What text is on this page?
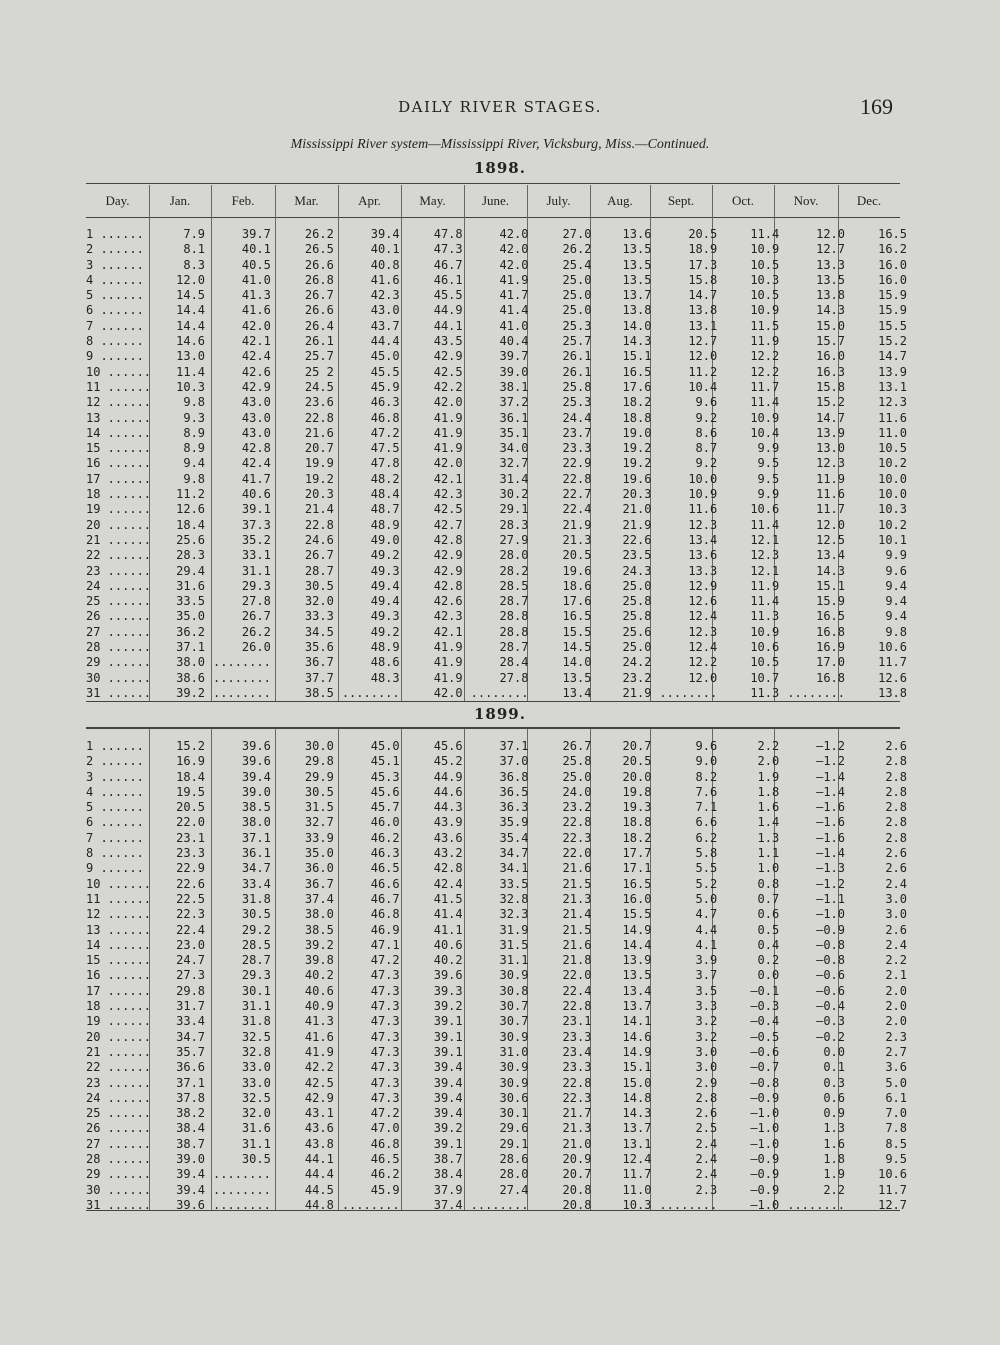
DAILY RIVER STAGES.	169
Mississippi River system—Mississippi River, Vicksburg, Miss.—Continued.
1898.
1899.
Day.	Jan.	Feb.	Mar.	Apr.	May.	June.	July.	Aug.	Sept.	Oct.	Nov.	Dec.
1 ......	7.9	39.7	26.2	39.4	47.8	42.0	27.0	13.6	20.5	11.4	12.0	16.5
2 ......	8.1	40.1	26.5	40.1	47.3	42.0	26.2	13.5	18.9	10.9	12.7	16.2
3 ......	8.3	40.5	26.6	40.8	46.7	42.0	25.4	13.5	17.3	10.5	13.3	16.0
4 ......	12.0	41.0	26.8	41.6	46.1	41.9	25.0	13.5	15.8	10.3	13.5	16.0
5 ......	14.5	41.3	26.7	42.3	45.5	41.7	25.0	13.7	14.7	10.5	13.8	15.9
6 ......	14.4	41.6	26.6	43.0	44.9	41.4	25.0	13.8	13.8	10.9	14.3	15.9
7 ......	14.4	42.0	26.4	43.7	44.1	41.0	25.3	14.0	13.1	11.5	15.0	15.5
8 ......	14.6	42.1	26.1	44.4	43.5	40.4	25.7	14.3	12.7	11.9	15.7	15.2
9 ......	13.0	42.4	25.7	45.0	42.9	39.7	26.1	15.1	12.0	12.2	16.0	14.7
10 ......	11.4	42.6	25 2	45.5	42.5	39.0	26.1	16.5	11.2	12.2	16.3	13.9
11 ......	10.3	42.9	24.5	45.9	42.2	38.1	25.8	17.6	10.4	11.7	15.8	13.1
12 ......	9.8	43.0	23.6	46.3	42.0	37.2	25.3	18.2	9.6	11.4	15.2	12.3
13 ......	9.3	43.0	22.8	46.8	41.9	36.1	24.4	18.8	9.2	10.9	14.7	11.6
14 ......	8.9	43.0	21.6	47.2	41.9	35.1	23.7	19.0	8.6	10.4	13.9	11.0
15 ......	8.9	42.8	20.7	47.5	41.9	34.0	23.3	19.2	8.7	9.9	13.0	10.5
16 ......	9.4	42.4	19.9	47.8	42.0	32.7	22.9	19.2	9.2	9.5	12.3	10.2
17 ......	9.8	41.7	19.2	48.2	42.1	31.4	22.8	19.6	10.0	9.5	11.9	10.0
18 ......	11.2	40.6	20.3	48.4	42.3	30.2	22.7	20.3	10.9	9.9	11.6	10.0
19 ......	12.6	39.1	21.4	48.7	42.5	29.1	22.4	21.0	11.6	10.6	11.7	10.3
20 ......	18.4	37.3	22.8	48.9	42.7	28.3	21.9	21.9	12.3	11.4	12.0	10.2
21 ......	25.6	35.2	24.6	49.0	42.8	27.9	21.3	22.6	13.4	12.1	12.5	10.1
22 ......	28.3	33.1	26.7	49.2	42.9	28.0	20.5	23.5	13.6	12.3	13.4	9.9
23 ......	29.4	31.1	28.7	49.3	42.9	28.2	19.6	24.3	13.3	12.1	14.3	9.6
24 ......	31.6	29.3	30.5	49.4	42.8	28.5	18.6	25.0	12.9	11.9	15.1	9.4
25 ......	33.5	27.8	32.0	49.4	42.6	28.7	17.6	25.8	12.6	11.4	15.9	9.4
26 ......	35.0	26.7	33.3	49.3	42.3	28.8	16.5	25.8	12.4	11.3	16.5	9.4
27 ......	36.2	26.2	34.5	49.2	42.1	28.8	15.5	25.6	12.3	10.9	16.8	9.8
28 ......	37.1	26.0	35.6	48.9	41.9	28.7	14.5	25.0	12.4	10.6	16.9	10.6
29 ......	38.0	........	36.7	48.6	41.9	28.4	14.0	24.2	12.2	10.5	17.0	11.7
30 ......	38.6	........	37.7	48.3	41.9	27.8	13.5	23.2	12.0	10.7	16.8	12.6
31 ......	39.2	........	38.5	........	42.0	........	13.4	21.9	........	11.3	........	13.8
1 ......	15.2	39.6	30.0	45.0	45.6	37.1	26.7	20.7	9.6	2.2	—1.2	2.6
2 ......	16.9	39.6	29.8	45.1	45.2	37.0	25.8	20.5	9.0	2.0	—1.2	2.8
3 ......	18.4	39.4	29.9	45.3	44.9	36.8	25.0	20.0	8.2	1.9	—1.4	2.8
4 ......	19.5	39.0	30.5	45.6	44.6	36.5	24.0	19.8	7.6	1.8	—1.4	2.8
5 ......	20.5	38.5	31.5	45.7	44.3	36.3	23.2	19.3	7.1	1.6	—1.6	2.8
6 ......	22.0	38.0	32.7	46.0	43.9	35.9	22.8	18.8	6.6	1.4	—1.6	2.8
7 ......	23.1	37.1	33.9	46.2	43.6	35.4	22.3	18.2	6.2	1.3	—1.6	2.8
8 ......	23.3	36.1	35.0	46.3	43.2	34.7	22.0	17.7	5.8	1.1	—1.4	2.6
9 ......	22.9	34.7	36.0	46.5	42.8	34.1	21.6	17.1	5.5	1.0	—1.3	2.6
10 ......	22.6	33.4	36.7	46.6	42.4	33.5	21.5	16.5	5.2	0.8	—1.2	2.4
11 ......	22.5	31.8	37.4	46.7	41.5	32.8	21.3	16.0	5.0	0.7	—1.1	3.0
12 ......	22.3	30.5	38.0	46.8	41.4	32.3	21.4	15.5	4.7	0.6	—1.0	3.0
13 ......	22.4	29.2	38.5	46.9	41.1	31.9	21.5	14.9	4.4	0.5	—0.9	2.6
14 ......	23.0	28.5	39.2	47.1	40.6	31.5	21.6	14.4	4.1	0.4	—0.8	2.4
15 ......	24.7	28.7	39.8	47.2	40.2	31.1	21.8	13.9	3.9	0.2	—0.8	2.2
16 ......	27.3	29.3	40.2	47.3	39.6	30.9	22.0	13.5	3.7	0.0	—0.6	2.1
17 ......	29.8	30.1	40.6	47.3	39.3	30.8	22.4	13.4	3.5	—0.1	—0.6	2.0
18 ......	31.7	31.1	40.9	47.3	39.2	30.7	22.8	13.7	3.3	—0.3	—0.4	2.0
19 ......	33.4	31.8	41.3	47.3	39.1	30.7	23.1	14.1	3.2	—0.4	—0.3	2.0
20 ......	34.7	32.5	41.6	47.3	39.1	30.9	23.3	14.6	3.2	—0.5	—0.2	2.3
21 ......	35.7	32.8	41.9	47.3	39.1	31.0	23.4	14.9	3.0	—0.6	0.0	2.7
22 ......	36.6	33.0	42.2	47.3	39.4	30.9	23.3	15.1	3.0	—0.7	0.1	3.6
23 ......	37.1	33.0	42.5	47.3	39.4	30.9	22.8	15.0	2.9	—0.8	0.3	5.0
24 ......	37.8	32.5	42.9	47.3	39.4	30.6	22.3	14.8	2.8	—0.9	0.6	6.1
25 ......	38.2	32.0	43.1	47.2	39.4	30.1	21.7	14.3	2.6	—1.0	0.9	7.0
26 ......	38.4	31.6	43.6	47.0	39.2	29.6	21.3	13.7	2.5	—1.0	1.3	7.8
27 ......	38.7	31.1	43.8	46.8	39.1	29.1	21.0	13.1	2.4	—1.0	1.6	8.5
28 ......	39.0	30.5	44.1	46.5	38.7	28.6	20.9	12.4	2.4	—0.9	1.8	9.5
29 ......	39.4	........	44.4	46.2	38.4	28.0	20.7	11.7	2.4	—0.9	1.9	10.6
30 ......	39.4	........	44.5	45.9	37.9	27.4	20.8	11.0	2.3	—0.9	2.2	11.7
31 ......	39.6	........	44.8	........	37.4	........	20.8	10.3	........	—1.0	........	12.7
